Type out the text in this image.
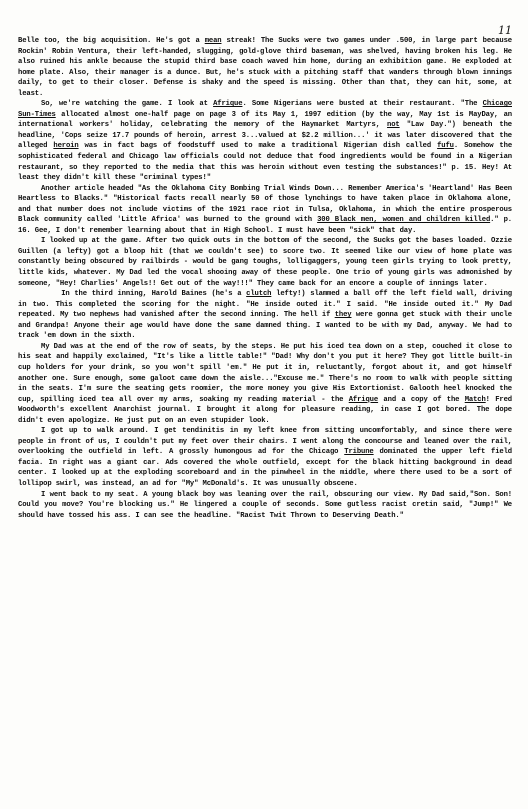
11

Belle too, the big acquisition. He's got a mean streak! The Sucks were two games under .500, in large part because Rockin' Robin Ventura, their left-handed, slugging, gold-glove third baseman, was shelved, having broken his leg. He also ruined his ankle because the stupid third base coach waved him home, during an exhibition game. He exploded at home plate. Also, their manager is a dunce. But, he's stuck with a pitching staff that wanders through blown innings daily, to get to their closer. Defense is shaky and the speed is missing. Other than that, they can hit, some, at least.

So, we're watching the game. I look at Afrique. Some Nigerians were busted at their restaurant. "The Chicago Sun-Times allocated almost one-half page on page 3 of its May 1, 1997 edition (by the way, May 1st is MayDay, an international workers' holiday, celebrating the memory of the Haymarket Martyrs, not "Law Day.") beneath the headline, 'Cops seize 17.7 pounds of heroin, arrest 3...valued at $2.2 million...' it was later discovered that the alleged heroin was in fact bags of foodstuff used to make a traditional Nigerian dish called fufu. Somehow the sophisticated federal and Chicago law officials could not deduce that food ingredients would be found in a Nigerian restaurant, so they reported to the media that this was heroin without even testing the substances!" p. 15. Hey! At least they didn't kill these "criminal types!"

Another article headed "As the Oklahoma City Bombing Trial Winds Down... Remember America's 'Heartland' Has Been Heartless to Blacks." "Historical facts recall nearly 50 of those lynchings to have taken place in Oklahoma alone, and that number does not include victims of the 1921 race riot in Tulsa, Oklahoma, in which the entire prosperous Black community called 'Little Africa' was burned to the ground with 300 Black men, women and children killed." p. 16. Gee, I don't remember learning about that in High School. I must have been "sick" that day.

I looked up at the game. After two quick outs in the bottom of the second, the Sucks got the bases loaded. Ozzie Guillen (a lefty) got a bloop hit (that we couldn't see) to score two. It seemed like our view of home plate was constantly being obscured by railbirds - would be gang toughs, lolligaggers, young teen girls trying to look pretty, little kids, whatever. My Dad led the vocal shooing away of these people. One trio of young girls was admonished by someone, "Hey! Charlies' Angels!! Get out of the way!!!" They came back for an encore a couple of innings later.

In the third inning, Harold Baines (he's a clutch lefty!) slammed a ball off the left field wall, driving in two. This completed the scoring for the night. "He inside outed it." I said. "He inside outed it." My Dad repeated. My two nephews had vanished after the second inning. The hell if they were gonna get stuck with their uncle and Grandpa! Anyone their age would have done the same damned thing. I wanted to be with my Dad, anyway. We had to track 'em down in the sixth.

My Dad was at the end of the row of seats, by the steps. He put his iced tea down on a step, couched it close to his seat and happily exclaimed, "It's like a little table!" "Dad! Why don't you put it here? They got little built-in cup holders for your drink, so you won't spill 'em." He put it in, reluctantly, forgot about it, and got himself another one. Sure enough, some galoot came down the aisle..."Excuse me." There's no room to walk with people sitting in the seats. I'm sure the seating gets roomier, the more money you give His Extortionist. Galooth heel knocked the cup, spilling iced tea all over my arms, soaking my reading material - the Afrique and a copy of the Match! Fred Woodworth's excellent Anarchist journal. I brought it along for pleasure reading, in case I got bored. The dope didn't even apologize. He just put on an even stupider look.

I got up to walk around. I get tendinitis in my left knee from sitting uncomfortably, and since there were people in front of us, I couldn't put my feet over their chairs. I went along the concourse and leaned over the rail, overlooking the outfield in left. A grossly humongous ad for the Chicago Tribune dominated the upper left field facia. In right was a giant car. Ads covered the whole outfield, except for the black hitting background in dead center. I looked up at the exploding scoreboard and in the pinwheel in the middle, where there used to be a sort of lollipop swirl, was instead, an ad for "My" McDonald's. It was unusually obscene.

I went back to my seat. A young black boy was leaning over the rail, obscuring our view. My Dad said,"Son. Son! Could you move? You're blocking us." He lingered a couple of seconds. Some gutless racist cretin said, "Jump!" We should have tossed his ass. I can see the headline. "Racist Twit Thrown to Deserving Death."
